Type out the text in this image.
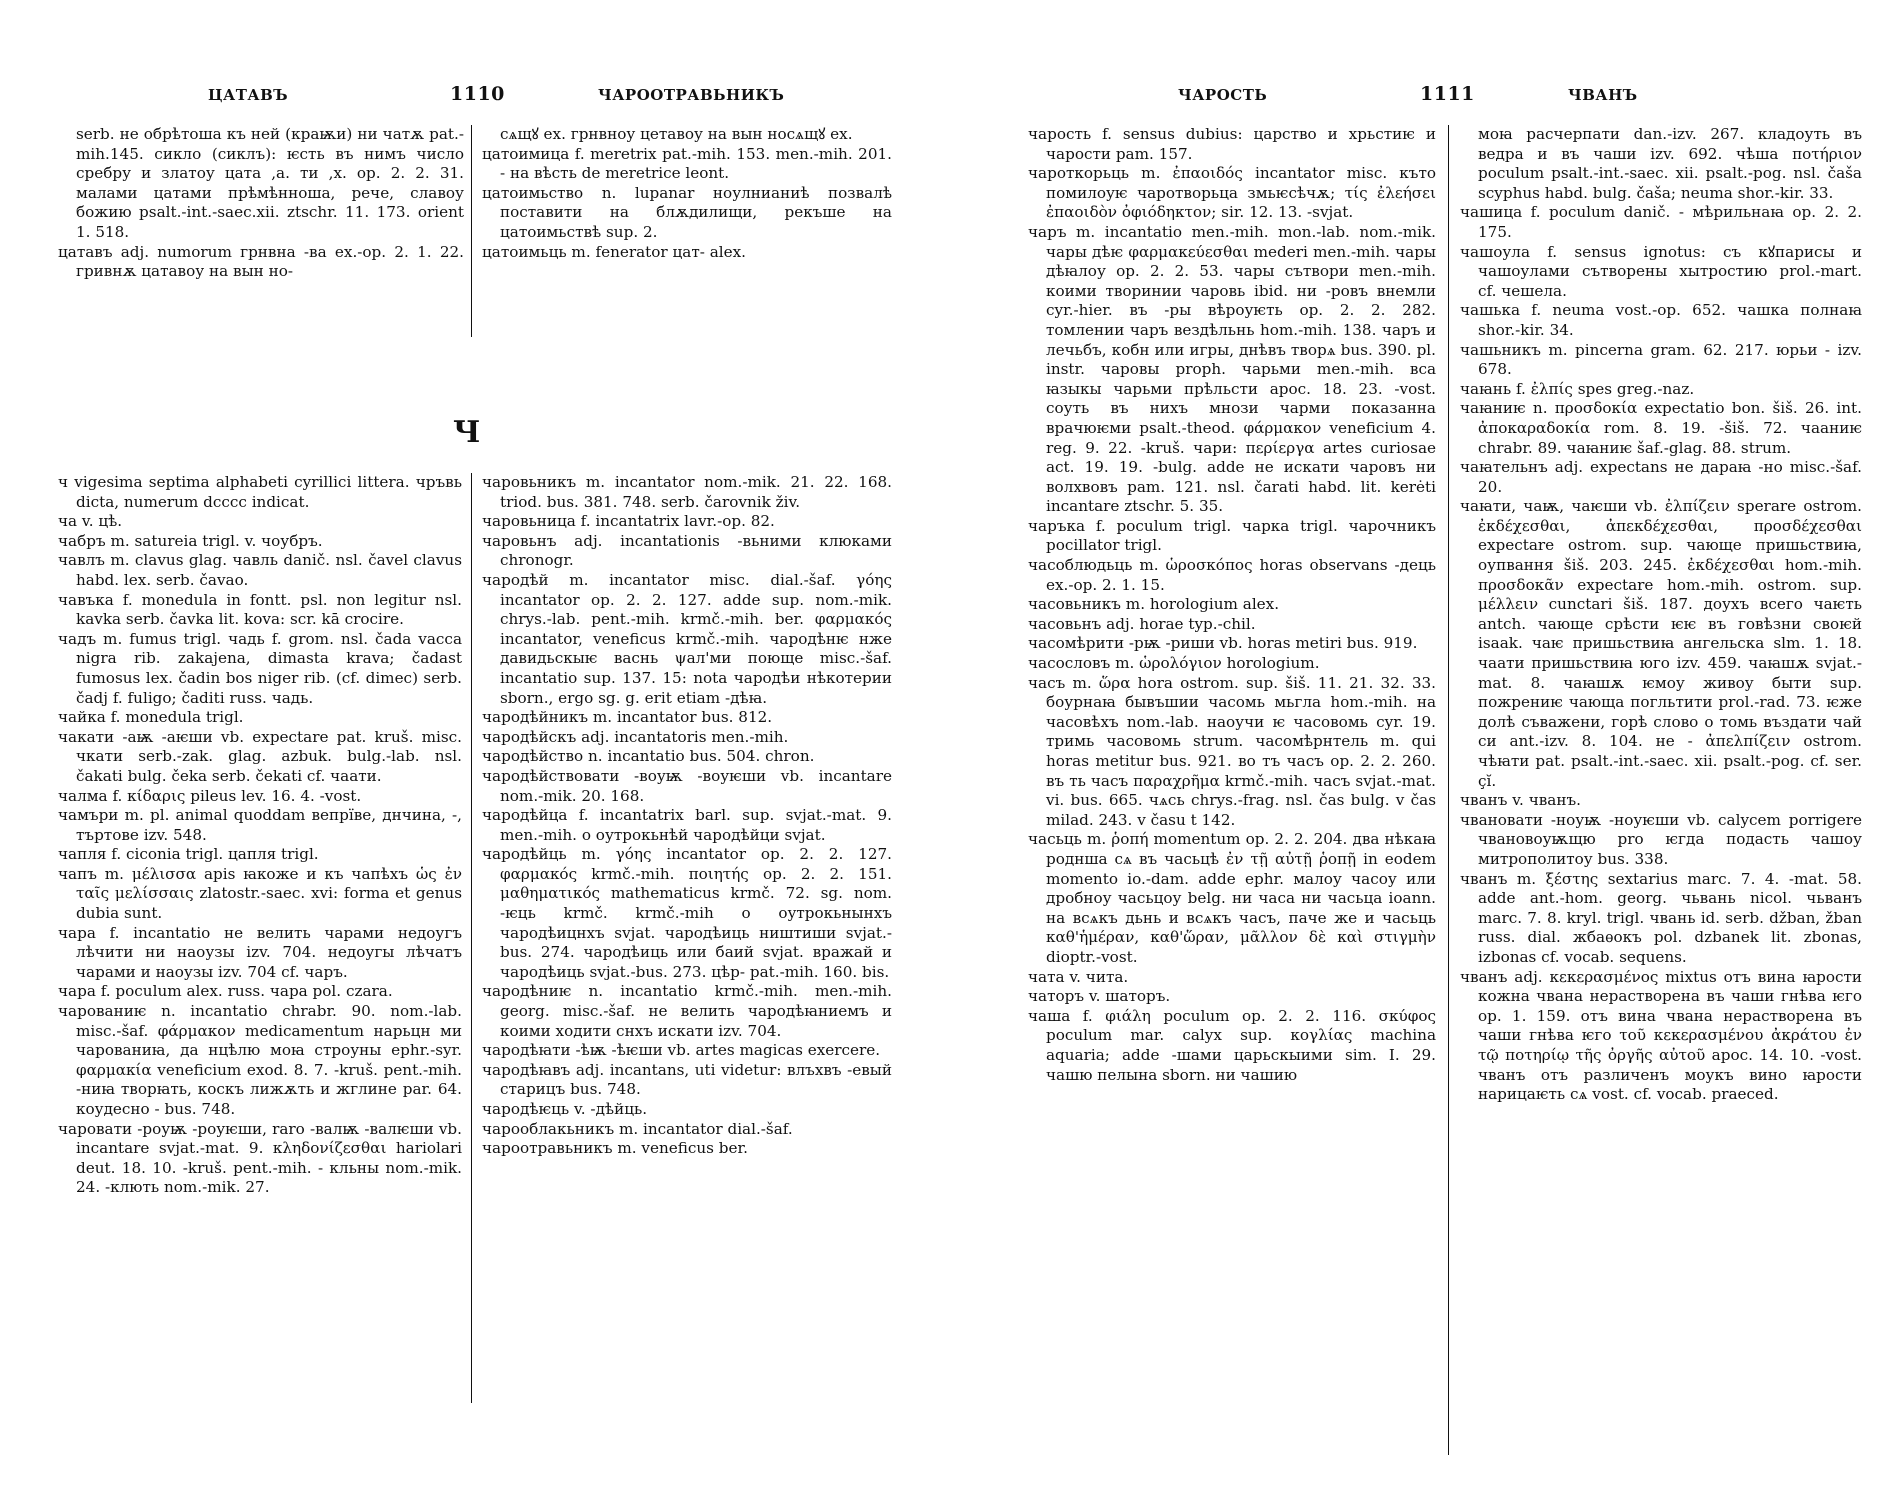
ЦАТАВЪ	1110	ЧАРООТРАВЬНИКЪ

serb. не обрѣтоша къ ней (краѭи) ни чатѫ pat.-mih.145. сикло (сиклъ): ѥсть въ нимъ число сребру и златоу цата ,а. ти ,х. op. 2. 2. 31. малами цатами прѣмѣнноша, рече, славоу божию psalt.-int.-saec.xii. ztschr. 11. 173. orient 1. 518.

цатавъ adj. numorum грнвна -ва ex.-op. 2. 1. 22. гривнѫ цатавоу на вын но-

сѧщꙋ ex. грнвноу цетавоу на вын носѧщꙋ ex.

цатоимица f. meretrix pat.-mih. 153. men.-mih. 201. - на вѣсть de meretrice leont.

цатоимьство n. lupanar ноулнианиѣ позвалѣ поставити на блѫдилищи, рекъше на цатоимьствѣ sup. 2.

цатоимьць m. fenerator цат- alex.

Ч

ч vigesima septima alphabeti cyrillici littera. чръвь dicta, numerum dcccc indicat.

ча v. цѣ.

чабръ m. satureia trigl. v. чоубръ.

чавлъ m. clavus glag. чавль danič. nsl. čavel clavus habd. lex. serb. čavao.

чавъка f. monedula in fontt. psl. non legitur nsl. kavka serb. čavka lit. kova: scr. kā crocire.

чадъ m. fumus trigl. чадь f. grom. nsl. čada vacca nigra rib. zakajena, dimasta krava; čadast fumosus lex. čadin bos niger rib. (cf. dimec) serb. čadj f. fuligo; čaditi russ. чадь.

чайка f. monedula trigl.

чакати -аѭ -аѥши vb. expectare pat. kruš. misc. чкати serb.-zak. glag. azbuk. bulg.-lab. nsl. čakati bulg. čeka serb. čekati cf. чаати.

чалма f. κίδαρις pileus lev. 16. 4. -vost.

чамъри m. pl. animal quoddam вепрїве, днчина, -, търтове izv. 548.

чапля f. ciconia trigl. цапля trigl.

чапъ m. μέλισσα apis ꙗкоже и къ чапѣхъ ὡς ἐν ταῖς μελίσσαις zlatostr.-saec. xvi: forma et genus dubia sunt.

чара f. incantatio не велить чарами недоугъ лѣчити ни наоузы izv. 704. недоугы лѣчатъ чарами и наоузы izv. 704 cf. чаръ.

чара f. poculum alex. russ. чара pol. czara.

чарованиѥ n. incantatio chrabr. 90. nom.-lab. misc.-šaf. φάρμακον medicamentum нарьцн ми чарованиꙗ, да нцѣлю моꙗ строуны ephr.-syr. φαρμακία veneficium exod. 8. 7. -kruš. pent.-mih. -ниꙗ творꙗть, коскъ лижѫть и жглине par. 64. коудесно - bus. 748.

чаровати -роуѭ -роуѥши, raro -валѭ -валѥши vb. incantare svjat.-mat. 9. κληδονίζεσθαι hariolari deut. 18. 10. -kruš. pent.-mih. - кльны nom.-mik. 24. -клють nom.-mik. 27.

чаровьникъ m. incantator nom.-mik. 21. 22. 168. triod. bus. 381. 748. serb. čarovnik živ.

чаровьница f. incantatrix lavr.-op. 82.

чаровьнъ adj. incantationis -вьними клюками chronogr.

чародѣй m. incantator misc. dial.-šaf. γόης incantator op. 2. 2. 127. adde sup. nom.-mik. chrys.-lab. pent.-mih. krmč.-mih. ber. φαρμακός incantator, veneficus krmč.-mih. чародѣнѥ нже давидьскыѥ васнь ψал'ми поюще misc.-šaf. incantatio sup. 137. 15: nota чародѣи нѣкотерии sborn., ergo sg. g. erit etiam -дѣꙗ.

чародѣйникъ m. incantator bus. 812.

чародѣйскъ adj. incantatoris men.-mih.

чародѣйство n. incantatio bus. 504. chron.

чародѣйствовати -воуѭ -воуѥши vb. incantare nom.-mik. 20. 168.

чародѣйца f. incantatrix barl. sup. svjat.-mat. 9. men.-mih. о оутрокьнѣй чародѣйци svjat.

чародѣйць m. γόης incantator op. 2. 2. 127. φαρμακός krmč.-mih. ποιητής op. 2. 2. 151. μαθηματικός mathematicus krmč. 72. sg. nom. -ѥць krmč. krmč.-mih о оутрокьнынхъ чародѣицнхъ svjat. чародѣиць ништиши svjat.-bus. 274. чародѣиць или баий svjat. вражай и чародѣиць svjat.-bus. 273. цѣр- pat.-mih. 160. bis.

чародѣниѥ n. incantatio krmč.-mih. men.-mih. georg. misc.-šaf. не велить чародѣꙗниемъ и коими ходити снхъ искати izv. 704.

чародѣꙗти -ѣѭ -ѣѥши vb. artes magicas exercere.

чародѣꙗвъ adj. incantans, uti videtur: влъхвъ -евый старицъ bus. 748.

чародѣѥць v. -дѣйць.

чарооблакьникъ m. incantator dial.-šaf.

чароотравьникъ m. veneficus ber.

ЧАРОСТЬ	1111	ЧВАНЪ

чарость f. sensus dubius: царство и хрьстиѥ и чарости pam. 157.

чароткорьць m. ἐπαοιδός incantator misc. къто помилоуѥ чаротворьца змьѥсѣчѫ; τίς ἐλεήσει ἐπαοιδὸν ὀφιόδηκτον; sir. 12. 13. -svjat.

чаръ m. incantatio men.-mih. mon.-lab. nom.-mik. чары дѣѥ φαρμακεύεσθαι mederi men.-mih. чары дѣꙗлоу op. 2. 2. 53. чары сътвори men.-mih. коими творинии чаровь ibid. ни -ровъ внемли cyr.-hier. въ -ры вѣроуѥть op. 2. 2. 282. томлении чаръ вездѣльнь hom.-mih. 138. чаръ и лечьбъ, кобн или игры, днѣвъ творѧ bus. 390. pl. instr. чаровы proph. чарьми men.-mih. вса ꙗзыкы чарьми прѣльсти apoc. 18. 23. -vost. соуть въ нихъ мнози чарми показанна врачюѥми psalt.-theod. φάρμακον veneficium 4. reg. 9. 22. -kruš. чари: περίεργα artes curiosae act. 19. 19. -bulg. adde не искати чаровъ ни волхвовъ pam. 121. nsl. čarati habd. lit. kerėti incantare ztschr. 5. 35.

чаръка f. poculum trigl. чарка trigl. чарочникъ pocillator trigl.

часоблюдьць m. ὡροσκόπος horas observans -дець ex.-op. 2. 1. 15.

часовьникъ m. horologium alex.

часовьнъ adj. horae typ.-chil.

часомѣрити -рѭ -риши vb. horas metiri bus. 919.

часословъ m. ὡρολόγιον horologium.

часъ m. ὥρα hora ostrom. sup. šiš. 11. 21. 32. 33. боурнаꙗ бывъшии часомь мьгла hom.-mih. на часовѣхъ nom.-lab. наоучи ѥ часовомь cyr. 19. тримь часовомь strum. часомѣрнтель m. qui horas metitur bus. 921. во тъ часъ op. 2. 2. 260. въ ть часъ παραχρῆμα krmč.-mih. часъ svjat.-mat. vi. bus. 665. чѧсь chrys.-frag. nsl. čas bulg. v čas milad. 243. v času t 142.

часьць m. ῥοπή momentum op. 2. 2. 204. два нѣкаꙗ роднша сѧ въ часьцѣ ἐν τῇ αὐτῇ ῥοπῇ in eodem momento io.-dam. adde ephr. малоу часоу или дробноу часьцоу belg. ни часа ни часьца ioann. на всѧкъ дьнь и всѧкъ часъ, паче же и часьць καθ'ἡμέραν, καθ'ὥραν, μᾶλλον δὲ καὶ στιγμὴν dioptr.-vost.

чата v. чита.

чаторъ v. шаторъ.

чаша f. φιάλη poculum op. 2. 2. 116. σκύφος poculum mar. calyx sup. κογλίας machina aquaria; adde -шами царьскыими sim. I. 29. чашю пелына sborn. ни чашию

моꙗ расчерпати dan.-izv. 267. кладоуть въ ведра и въ чаши izv. 692. чѣша ποτήριον poculum psalt.-int.-saec. xii. psalt.-pog. nsl. čaša scyphus habd. bulg. čaša; neuma shor.-kir. 33.

чашица f. poculum danič. - мѣрильнаꙗ op. 2. 2. 175.

чашоула f. sensus ignotus: съ кꙋпарисы и чашоулами сътворены хытростию prol.-mart. cf. чешела.

чашька f. neuma vost.-op. 652. чашка полнаꙗ shor.-kir. 34.

чашьникъ m. pincerna gram. 62. 217. юрьи - izv. 678.

чаꙗнь f. ἐλπίς spes greg.-naz.

чаꙗниѥ n. προσδοκία expectatio bon. šiš. 26. int. ἀποκαραδοκία rom. 8. 19. -šiš. 72. чааниѥ chrabr. 89. чаꙗниѥ šaf.-glag. 88. strum.

чаꙗтельнъ adj. expectans не дараꙗ -но misc.-šaf. 20.

чаꙗти, чаѭ, чаѥши vb. ἐλπίζειν sperare ostrom. ἐκδέχεσθαι, ἀπεκδέχεσθαι, προσδέχεσθαι expectare ostrom. sup. чающе пришьствиꙗ, оупвання šiš. 203. 245. ἐκδέχεσθαι hom.-mih. προσδοκᾶν expectare hom.-mih. ostrom. sup. μέλλειν cunctari šiš. 187. доухъ всего чаѥть antch. чающе срѣсти ѥѥ въ говѣзни своѥй isaak. чаѥ пришьствиꙗ ангельска slm. 1. 18. чаати пришьствиꙗ юго izv. 459. чаꙗшѫ svjat.-mat. 8. чаꙗшѫ ѥмоу живоу быти sup. пожрениѥ чающа погльтити prol.-rad. 73. ѥже долѣ съважени, горѣ слово о томь въздати чай си ant.-izv. 8. 104. не - ἀπελπίζειν ostrom. чѣꙗти pat. psalt.-int.-saec. xii. psalt.-pog. cf. ser. çĭ.

чванъ v. чванъ.

чвановати -ноуѭ -ноуѥши vb. calycem porrigere чвановоуѭщю pro ѥгда подасть чашоу митрополитоу bus. 338.

чванъ m. ξέστης sextarius marc. 7. 4. -mat. 58. adde ant.-hom. georg. чьвань nicol. чьванъ marc. 7. 8. kryl. trigl. чвань id. serb. džban, žban russ. dial. жбаѳокъ pol. dzbanek lit. zbonas, izbonas cf. vocab. sequens.

чванъ adj. κεκερασμένος mixtus отъ вина ꙗрости кожна чвана нерастворена въ чаши гнѣва ѥго op. 1. 159. отъ вина чвана нерастворена въ чаши гнѣва ѥго τοῦ κεκερασμένου ἀκράτου ἐν τῷ ποτηρίῳ τῆς ὀργῆς αὐτοῦ apoc. 14. 10. -vost. чванъ отъ различенъ моукъ вино ꙗрости нарицаѥть сѧ vost. cf. vocab. praeced.
